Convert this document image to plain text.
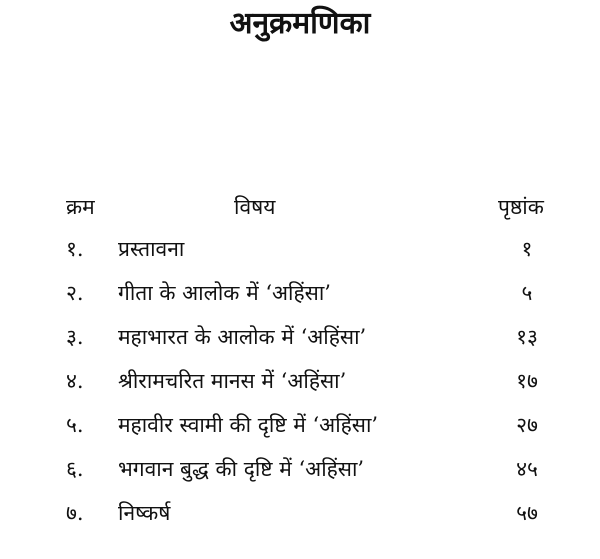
अनुक्रमणिका
क्रम	विषय	पृष्ठांक
१.	प्रस्तावना	१
२.	गीता के आलोक में ‘अहिंसा’	५
३.	महाभारत के आलोक में ‘अहिंसा’	१३
४.	श्रीरामचरित मानस में ‘अहिंसा’	१७
५.	महावीर स्वामी की दृष्टि में ‘अहिंसा’	२७
६.	भगवान बुद्ध की दृष्टि में ‘अहिंसा’	४५
७.	निष्कर्ष	५७
